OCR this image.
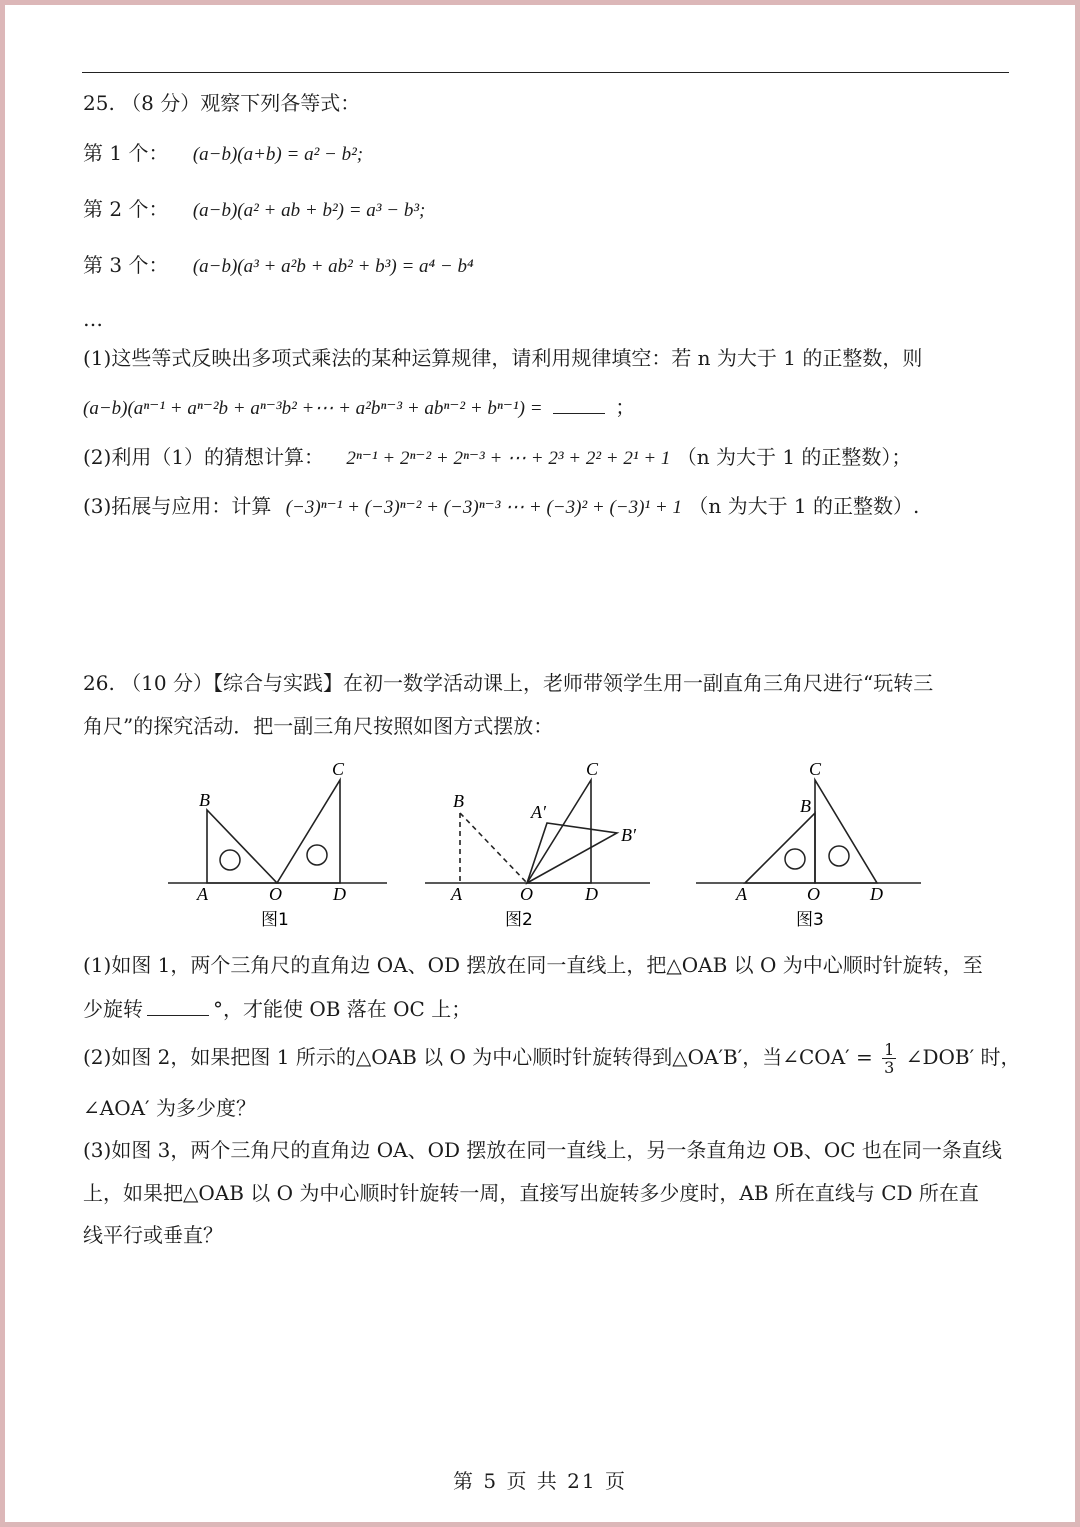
25. （8 分）观察下列各等式：
第 1 个： (a−b)(a+b) = a² − b²;
第 2 个： (a−b)(a² + ab + b²) = a³ − b³;
第 3 个： (a−b)(a³ + a²b + ab² + b³) = a⁴ − b⁴
…
(1)这些等式反映出多项式乘法的某种运算规律，请利用规律填空：若 n 为大于 1 的正整数，则
(a−b)(aⁿ⁻¹ + aⁿ⁻²b + aⁿ⁻³b² +⋯ + a²bⁿ⁻³ + abⁿ⁻² + bⁿ⁻¹) =	；
(2)利用（1）的猜想计算： 2ⁿ⁻¹ + 2ⁿ⁻² + 2ⁿ⁻³ + ⋯ + 2³ + 2² + 2¹ + 1 （n 为大于 1 的正整数）；
(3)拓展与应用：计算 (−3)ⁿ⁻¹ + (−3)ⁿ⁻² + (−3)ⁿ⁻³ ⋯ + (−3)² + (−3)¹ + 1 （n 为大于 1 的正整数）.
26. （10 分）【综合与实践】在初一数学活动课上，老师带领学生用一副直角三角尺进行“玩转三
角尺”的探究活动．把一副三角尺按照如图方式摆放：
B
C
A	O	D
图1
B
C
A′
B′
A	O	D
图2
C
B
A	O	D
图3
(1)如图 1，两个三角尺的直角边 OA、OD 摆放在同一直线上，把△OAB 以 O 为中心顺时针旋转，至
少旋转	°，才能使 OB 落在 OC 上；
(2)如图 2，如果把图 1 所示的△OAB 以 O 为中心顺时针旋转得到△OA′B′，当∠COA′ = $\frac{1}{3}$ ∠DOB′ 时，
∠AOA′ 为多少度？
(3)如图 3，两个三角尺的直角边 OA、OD 摆放在同一直线上，另一条直角边 OB、OC 也在同一条直线
上，如果把△OAB 以 O 为中心顺时针旋转一周，直接写出旋转多少度时，AB 所在直线与 CD 所在直
线平行或垂直？
第 5 页 共 21 页
